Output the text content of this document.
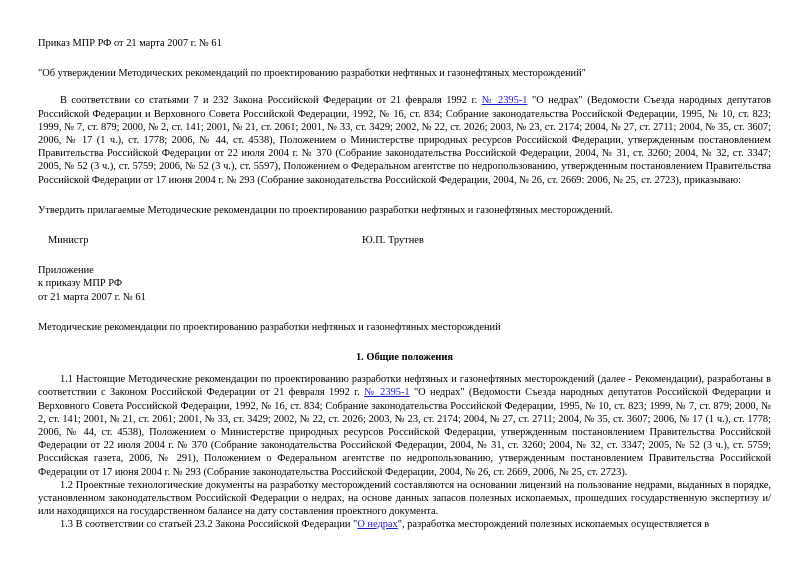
Приказ МПР РФ от 21 марта 2007 г. № 61

"Об утверждении Методических рекомендаций по проектированию разработки нефтяных и газонефтяных месторождений"

В соответствии со статьями 7 и 232 Закона Российской Федерации от 21 февраля 1992 г. № 2395-1 "О недрах" (Ведомости Съезда народных депутатов Российской Федерации и Верховного Совета Российской Федерации, 1992, № 16, ст. 834; Собрание законодательства Российской Федерации, 1995, № 10, ст. 823; 1999, № 7, ст. 879; 2000, № 2, ст. 141; 2001, № 21, ст. 2061; 2001, № 33, ст. 3429; 2002, № 22, ст. 2026; 2003, № 23, ст. 2174; 2004, № 27, ст. 2711; 2004, № 35, ст. 3607; 2006, № 17 (1 ч.), ст. 1778; 2006, № 44, ст. 4538), Положением о Министерстве природных ресурсов Российской Федерации, утвержденным постановлением Правительства Российской Федерации от 22 июля 2004 г. № 370 (Собрание законодательства Российской Федерации, 2004, № 31, ст. 3260; 2004, № 32, ст. 3347; 2005, № 52 (3 ч.), ст. 5759; 2006, № 52 (3 ч.), ст. 5597), Положением о Федеральном агентстве по недропользованию, утвержденным постановлением Правительства Российской Федерации от 17 июня 2004 г. № 293 (Собрание законодательства Российской Федерации, 2004, № 26, ст. 2669: 2006, № 25, ст. 2723), приказываю:

Утвердить прилагаемые Методические рекомендации по проектированию разработки нефтяных и газонефтяных месторождений.

Министр	Ю.П. Трутнев

Приложение

к приказу МПР РФ

от 21 марта 2007 г. № 61

Методические рекомендации по проектированию разработки нефтяных и газонефтяных месторождений

1. Общие положения

1.1 Настоящие Методические рекомендации по проектированию разработки нефтяных и газонефтяных месторождений (далее - Рекомендации), разработаны в соответствии с Законом Российской Федерации от 21 февраля 1992 г. № 2395-1 "О недрах" (Ведомости Съезда народных депутатов Российской Федерации и Верховного Совета Российской Федерации, 1992, № 16, ст. 834; Собрание законодательства Российской Федерации, 1995, № 10, ст. 823; 1999, № 7, ст. 879; 2000, № 2, ст. 141; 2001, № 21, ст. 2061; 2001, № 33, ст. 3429; 2002, № 22, ст. 2026; 2003, № 23, ст. 2174; 2004, № 27, ст. 2711; 2004, № 35, ст. 3607; 2006, № 17 (1 ч.), ст. 1778; 2006, № 44, ст. 4538), Положением о Министерстве природных ресурсов Российской Федерации, утвержденным постановлением Правительства Российской Федерации от 22 июля 2004 г. № 370 (Собрание законодательства Российской Федерации, 2004, № 31, ст. 3260; 2004, № 32, ст. 3347; 2005, № 52 (3 ч.), ст. 5759; Российская газета, 2006, № 291), Положением о Федеральном агентстве по недропользованию, утвержденным постановлением Правительства Российской Федерации от 17 июня 2004 г. № 293 (Собрание законодательства Российской Федерации, 2004, № 26, ст. 2669, 2006, № 25, ст. 2723).

1.2 Проектные технологические документы на разработку месторождений составляются на основании лицензий на пользование недрами, выданных в порядке, установленном законодательством Российской Федерации о недрах, на основе данных запасов полезных ископаемых, прошедших государственную экспертизу и/или находящихся на государственном балансе на дату составления проектного документа.

1.3 В соответствии со статьей 23.2 Закона Российской Федерации "О недрах", разработка месторождений полезных ископаемых осуществляется в
